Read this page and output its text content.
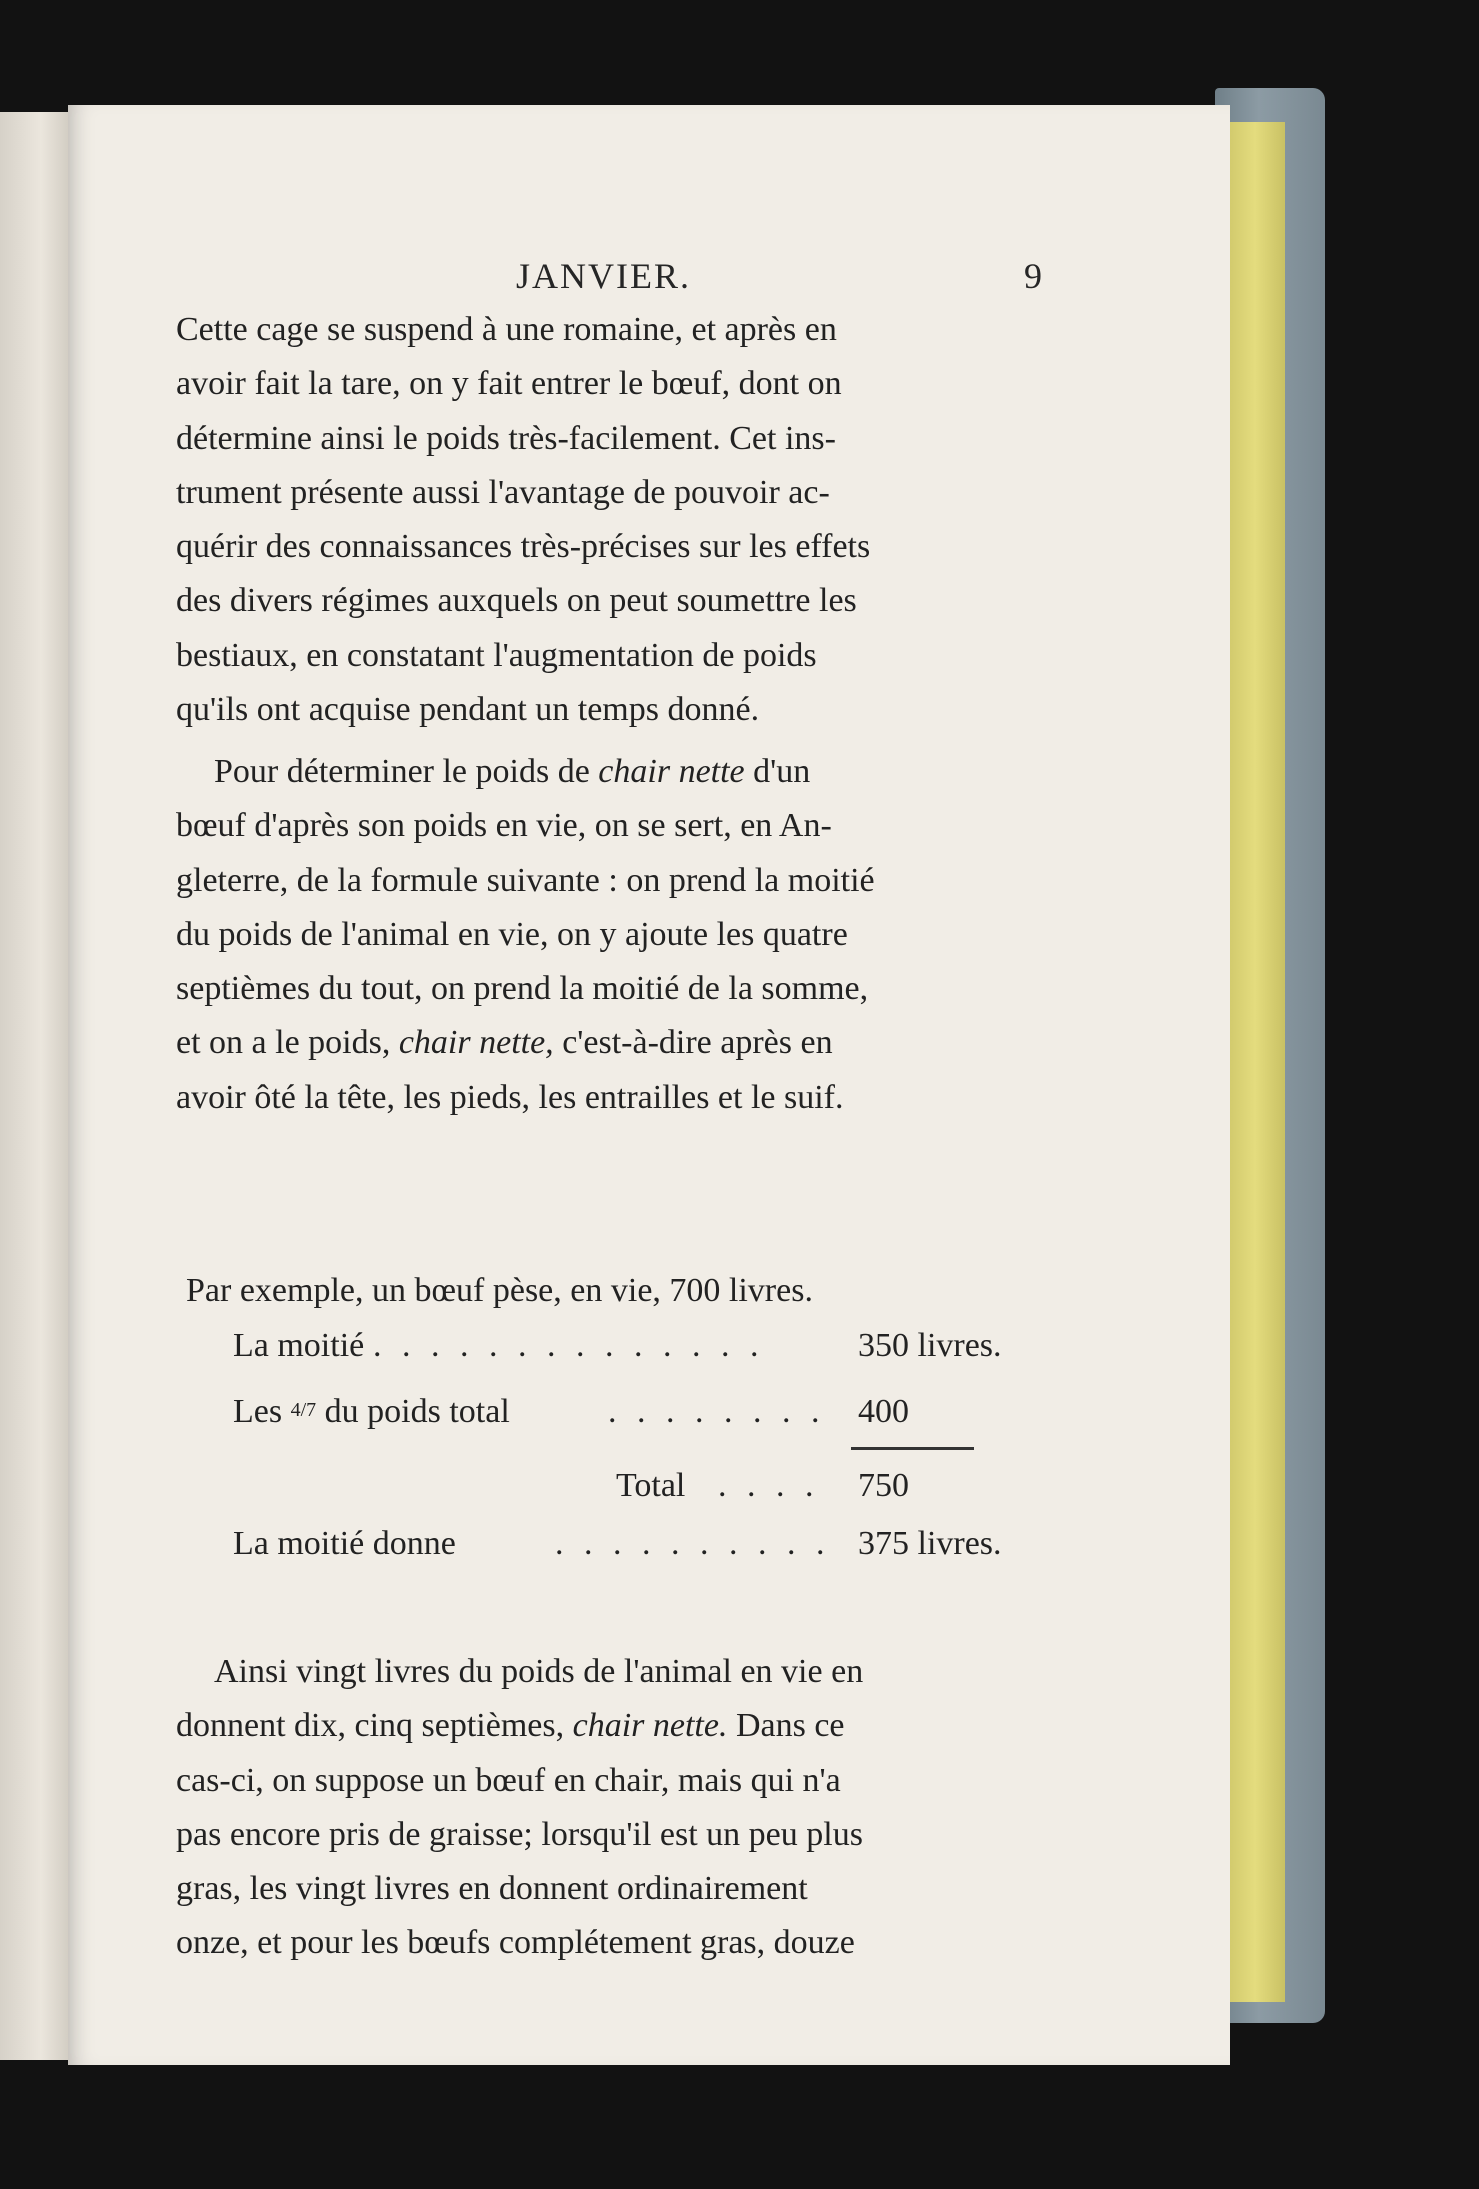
JANVIER.	9

Cette cage se suspend à une romaine, et après en
avoir fait la tare, on y fait entrer le bœuf, dont on
détermine ainsi le poids très-facilement. Cet ins-
trument présente aussi l'avantage de pouvoir ac-
quérir des connaissances très-précises sur les effets
des divers régimes auxquels on peut soumettre les
bestiaux, en constatant l'augmentation de poids
qu'ils ont acquise pendant un temps donné.

Pour déterminer le poids de chair nette d'un
bœuf d'après son poids en vie, on se sert, en An-
gleterre, de la formule suivante : on prend la moitié
du poids de l'animal en vie, on y ajoute les quatre
septièmes du tout, on prend la moitié de la somme,
et on a le poids, chair nette, c'est-à-dire après en
avoir ôté la tête, les pieds, les entrailles et le suif.

Par exemple, un bœuf pèse, en vie, 700 livres.
La moitié . . . . . . . . . . . . . .	350 livres.
Les 4/7 du poids total	. . . . . . . . 400
Total . . . . 750
La moitié donne	. . . . . . . . . . 375 livres.

Ainsi vingt livres du poids de l'animal en vie en
donnent dix, cinq septièmes, chair nette. Dans ce
cas-ci, on suppose un bœuf en chair, mais qui n'a
pas encore pris de graisse; lorsqu'il est un peu plus
gras, les vingt livres en donnent ordinairement
onze, et pour les bœufs complétement gras, douze
